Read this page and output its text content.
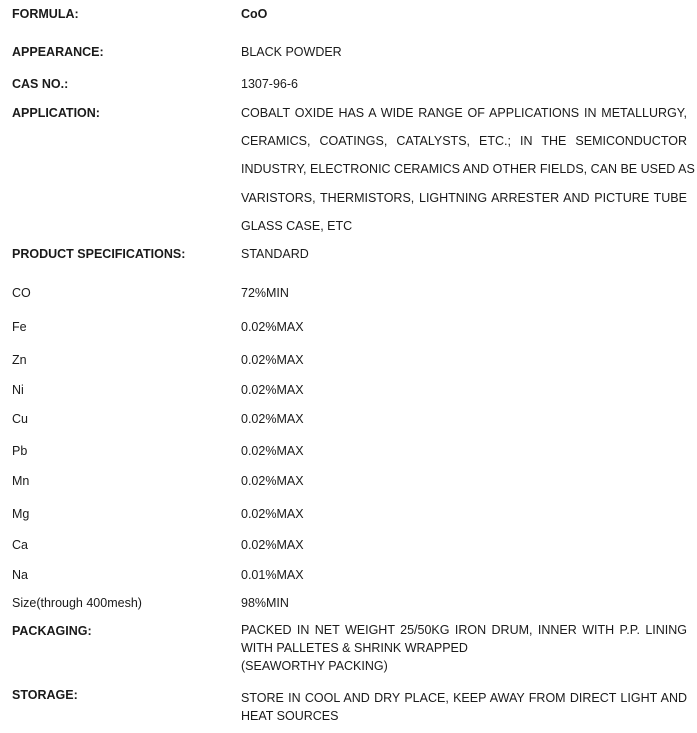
FORMULA:	CoO
APPEARANCE:	BLACK POWDER
CAS NO.:	1307-96-6
APPLICATION:	COBALT OXIDE HAS A WIDE RANGE OF APPLICATIONS IN METALLURGY,
CERAMICS, COATINGS, CATALYSTS, ETC.; IN THE SEMICONDUCTOR
INDUSTRY, ELECTRONIC CERAMICS AND OTHER FIELDS, CAN BE USED AS
VARISTORS, THERMISTORS, LIGHTNING ARRESTER AND PICTURE TUBE
GLASS CASE, ETC
PRODUCT SPECIFICATIONS:	STANDARD
CO	72%MIN
Fe	0.02%MAX
Zn	0.02%MAX
Ni	0.02%MAX
Cu	0.02%MAX
Pb	0.02%MAX
Mn	0.02%MAX
Mg	0.02%MAX
Ca	0.02%MAX
Na	0.01%MAX
Size(through 400mesh)	98%MIN
PACKAGING:	PACKED IN NET WEIGHT 25/50KG IRON DRUM, INNER WITH P.P. LINING
WITH PALLETES & SHRINK WRAPPED
(SEAWORTHY PACKING)
STORAGE:	STORE IN COOL AND DRY PLACE, KEEP AWAY FROM DIRECT LIGHT AND
HEAT SOURCES
